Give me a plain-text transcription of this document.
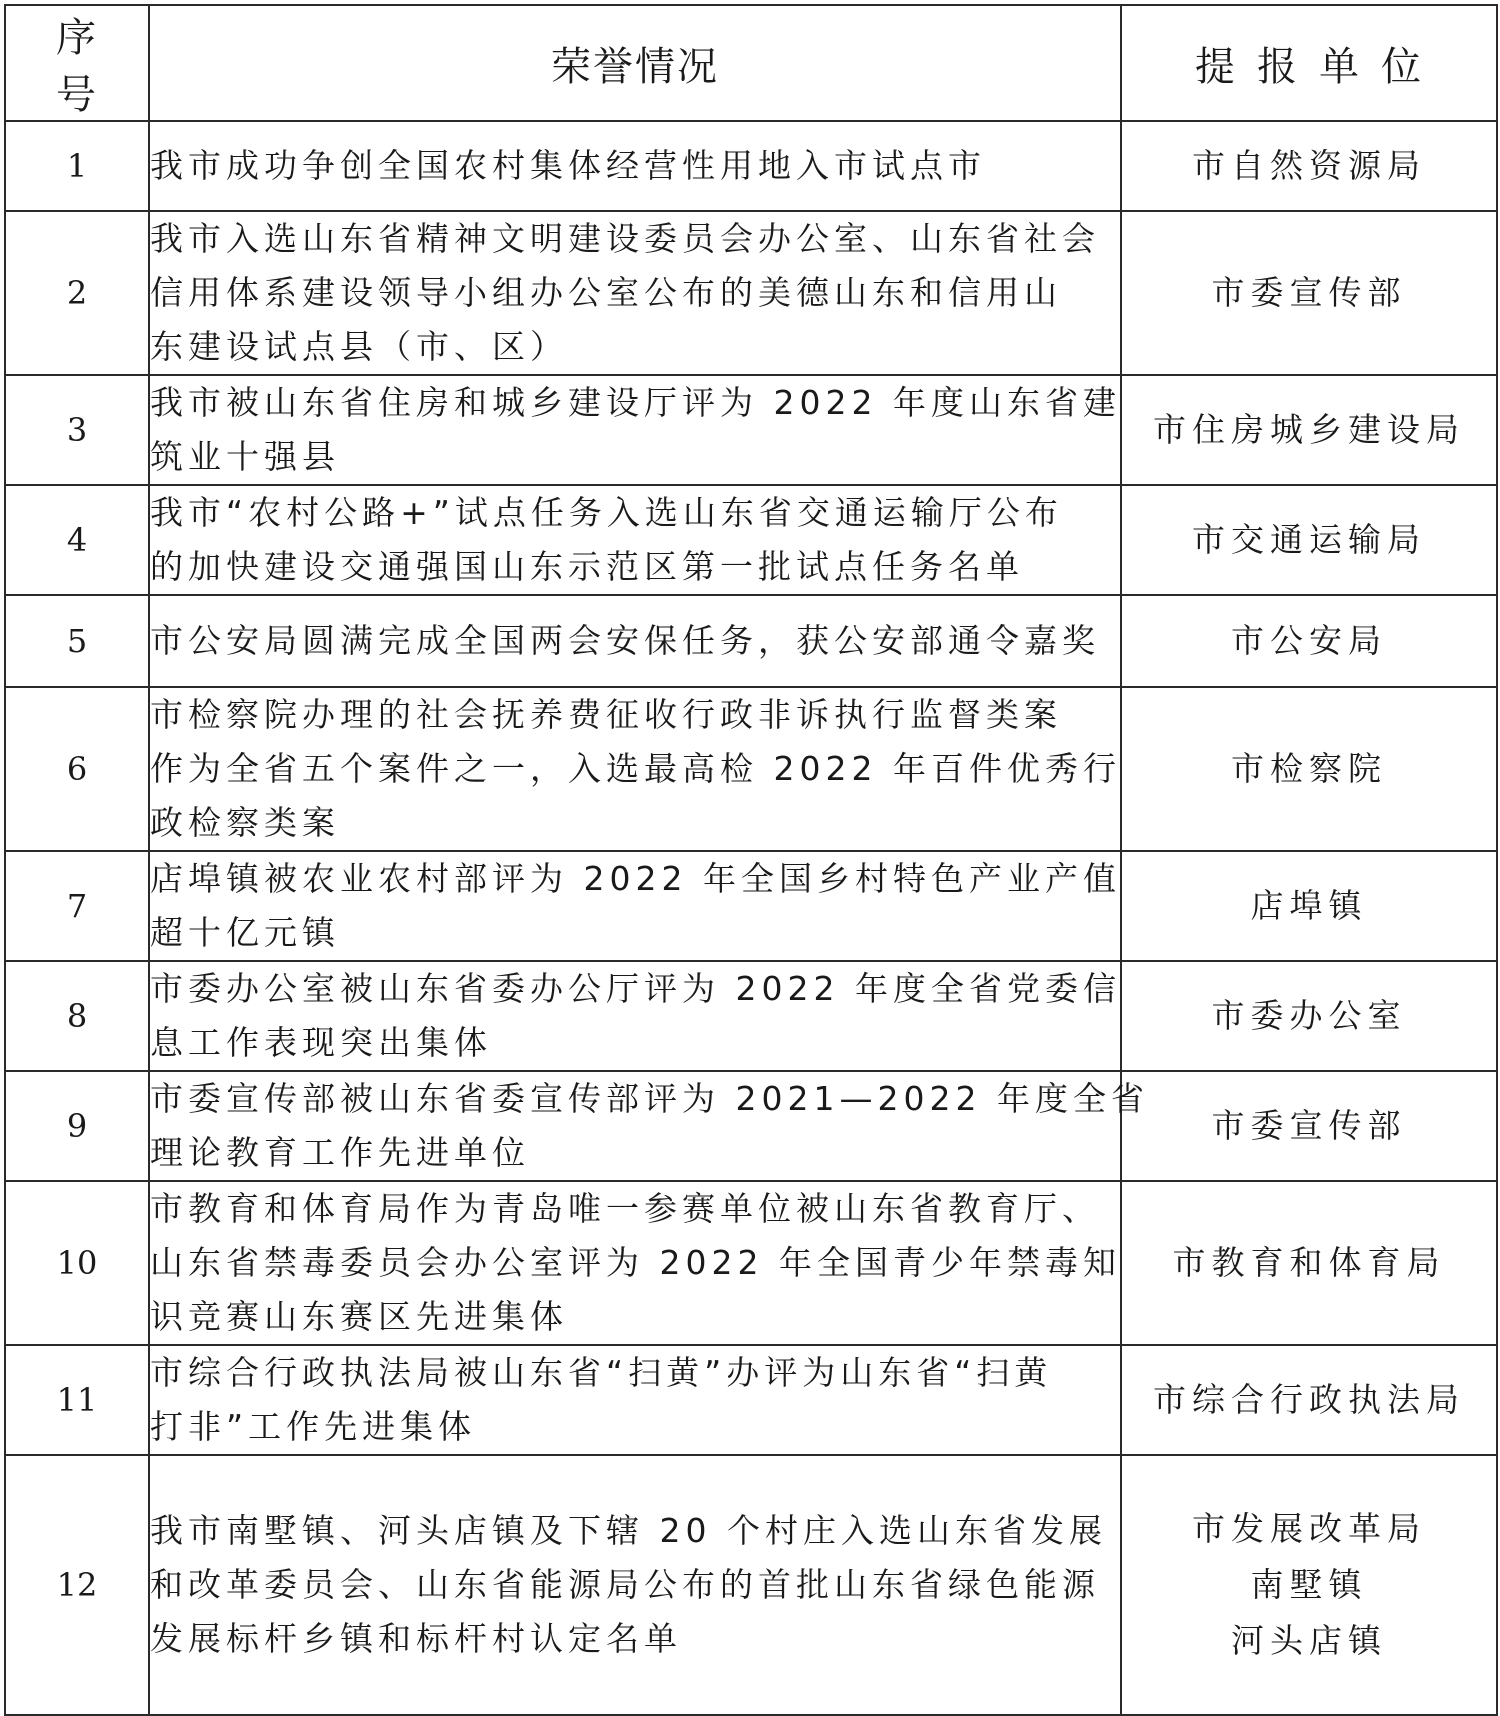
序号	荣誉情况	提报单位
1	我市成功争创全国农村集体经营性用地入市试点市	市自然资源局

2	我市入选山东省精神文明建设委员会办公室、山东省社会
信用体系建设领导小组办公室公布的美德山东和信用山
东建设试点县（市、区）	市委宣传部

3	我市被山东省住房和城乡建设厅评为 2022 年度山东省建
筑业十强县	市住房城乡建设局

4	我市“农村公路+”试点任务入选山东省交通运输厅公布
的加快建设交通强国山东示范区第一批试点任务名单	市交通运输局

5	市公安局圆满完成全国两会安保任务，获公安部通令嘉奖	市公安局

6	市检察院办理的社会抚养费征收行政非诉执行监督类案
作为全省五个案件之一，入选最高检 2022 年百件优秀行
政检察类案	市检察院

7	店埠镇被农业农村部评为 2022 年全国乡村特色产业产值
超十亿元镇	店埠镇

8	市委办公室被山东省委办公厅评为 2022 年度全省党委信
息工作表现突出集体	市委办公室

9	市委宣传部被山东省委宣传部评为 2021—2022 年度全省
理论教育工作先进单位	市委宣传部

10	市教育和体育局作为青岛唯一参赛单位被山东省教育厅、
山东省禁毒委员会办公室评为 2022 年全国青少年禁毒知
识竞赛山东赛区先进集体	市教育和体育局

11	市综合行政执法局被山东省“扫黄”办评为山东省“扫黄
打非”工作先进集体	市综合行政执法局

12	我市南墅镇、河头店镇及下辖 20 个村庄入选山东省发展
和改革委员会、山东省能源局公布的首批山东省绿色能源
发展标杆乡镇和标杆村认定名单	市发展改革局
南墅镇
河头店镇
